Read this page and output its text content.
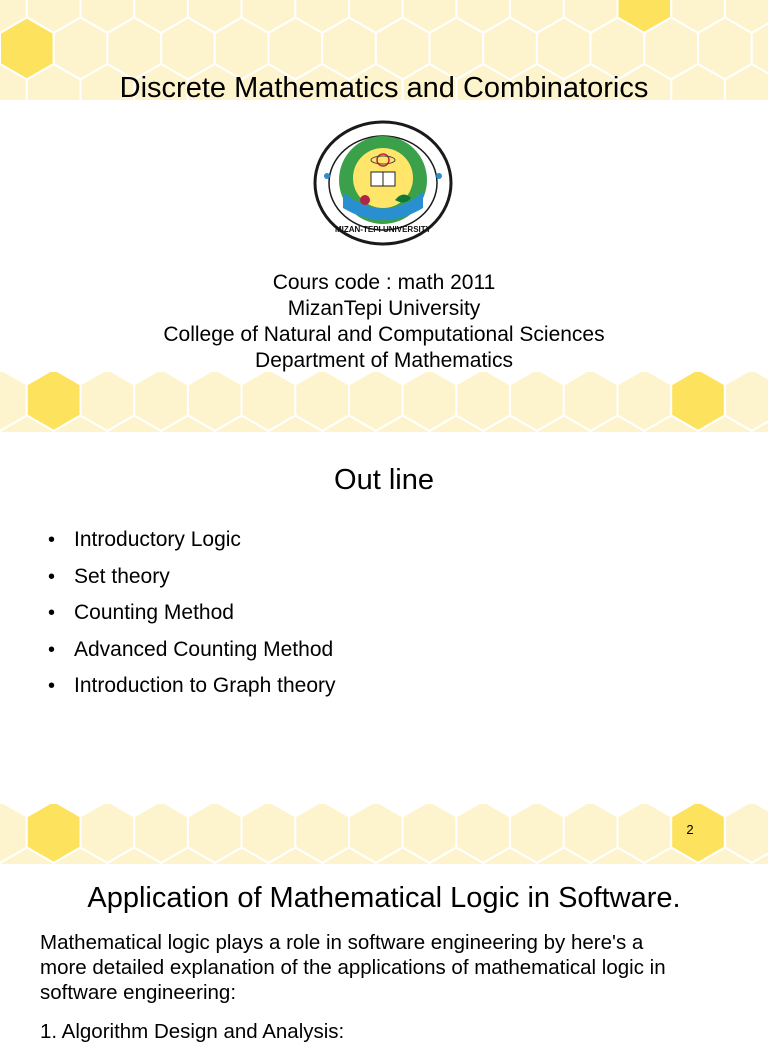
Discrete Mathematics and Combinatorics
MIZAN-TEPI UNIVERSITY
Cours code : math 2011
MizanTepi University
College of Natural and Computational Sciences
Department of Mathematics
Out line
• Introductory Logic
• Set theory
• Counting Method
• Advanced Counting Method
• Introduction to Graph theory
2
Application of Mathematical Logic in Software.
Mathematical logic plays a role in software engineering by here's a
more detailed explanation of the applications of mathematical logic in
software engineering:
1. Algorithm Design and Analysis:
